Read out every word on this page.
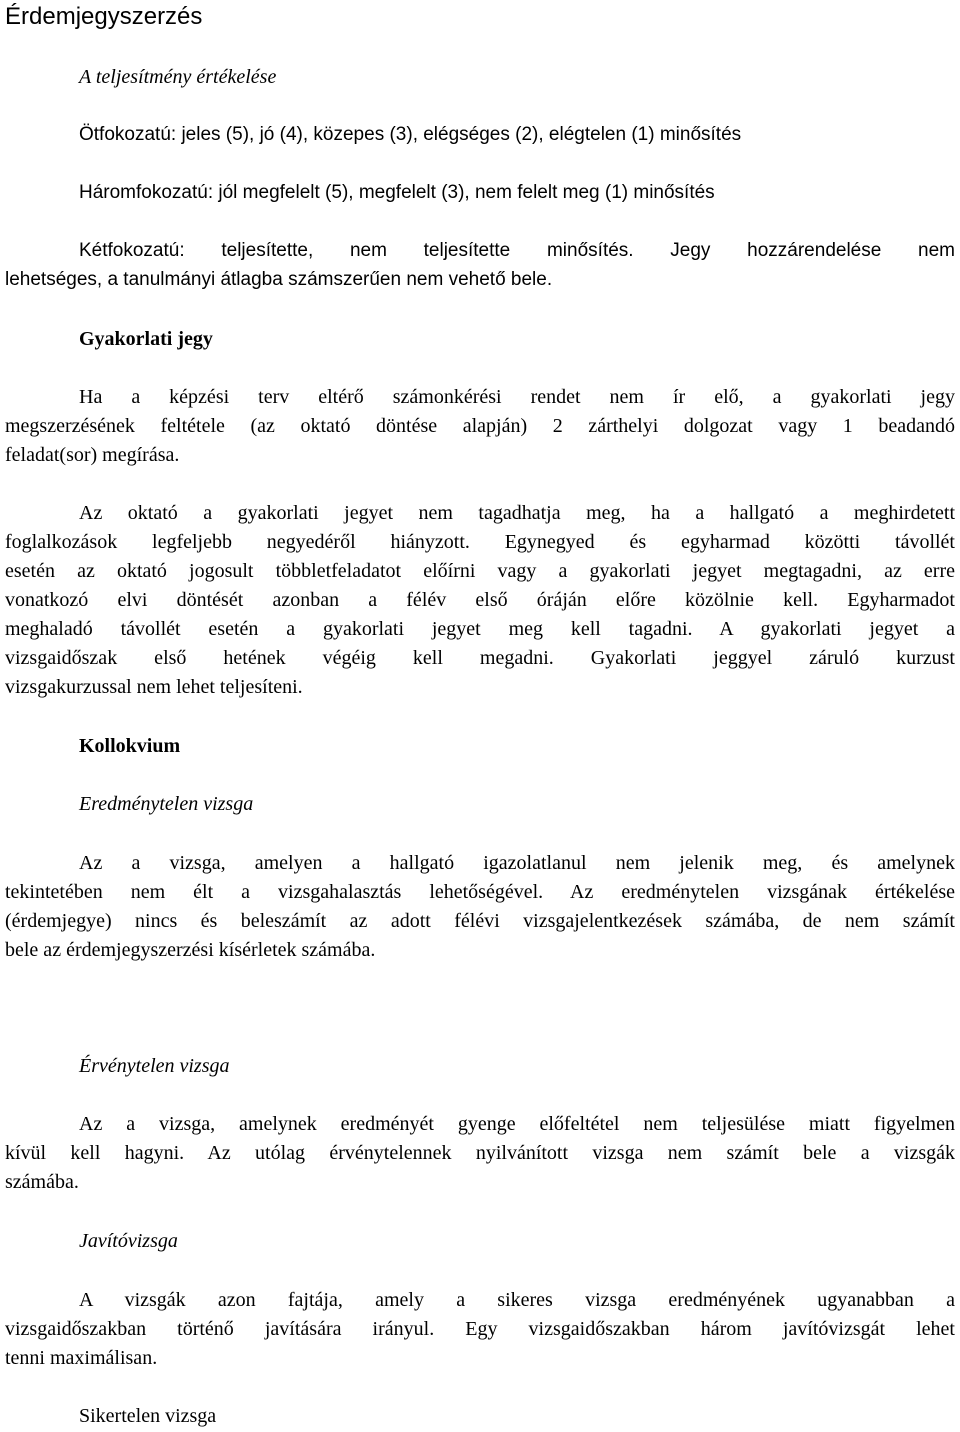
Érdemjegyszerzés
A teljesítmény értékelése
Ötfokozatú: jeles (5), jó (4), közepes (3), elégséges (2), elégtelen (1) minősítés
Háromfokozatú: jól megfelelt (5), megfelelt (3), nem felelt meg (1) minősítés
Kétfokozatú: teljesítette, nem teljesítette minősítés. Jegy hozzárendelése nem
lehetséges, a tanulmányi átlagba számszerűen nem vehető bele.
Gyakorlati jegy
Ha a képzési terv eltérő számonkérési rendet nem ír elő, a gyakorlati jegy
megszerzésének feltétele (az oktató döntése alapján) 2 zárthelyi dolgozat vagy 1 beadandó
feladat(sor) megírása.
Az oktató a gyakorlati jegyet nem tagadhatja meg, ha a hallgató a meghirdetett
foglalkozások legfeljebb negyedéről hiányzott. Egynegyed és egyharmad közötti távollét
esetén az oktató jogosult többletfeladatot előírni vagy a gyakorlati jegyet megtagadni, az erre
vonatkozó elvi döntését azonban a félév első óráján előre közölnie kell. Egyharmadot
meghaladó távollét esetén a gyakorlati jegyet meg kell tagadni. A gyakorlati jegyet a
vizsgaidőszak első hetének végéig kell megadni. Gyakorlati jeggyel záruló kurzust
vizsgakurzussal nem lehet teljesíteni.
Kollokvium
Eredménytelen vizsga
Az a vizsga, amelyen a hallgató igazolatlanul nem jelenik meg, és amelynek
tekintetében nem élt a vizsgahalasztás lehetőségével. Az eredménytelen vizsgának értékelése
(érdemjegye) nincs és beleszámít az adott félévi vizsgajelentkezések számába, de nem számít
bele az érdemjegyszerzési kísérletek számába.
Érvénytelen vizsga
Az a vizsga, amelynek eredményét gyenge előfeltétel nem teljesülése miatt figyelmen
kívül kell hagyni. Az utólag érvénytelennek nyilvánított vizsga nem számít bele a vizsgák
számába.
Javítóvizsga
A vizsgák azon fajtája, amely a sikeres vizsga eredményének ugyanabban a
vizsgaidőszakban történő javítására irányul. Egy vizsgaidőszakban három javítóvizsgát lehet
tenni maximálisan.
Sikertelen vizsga
